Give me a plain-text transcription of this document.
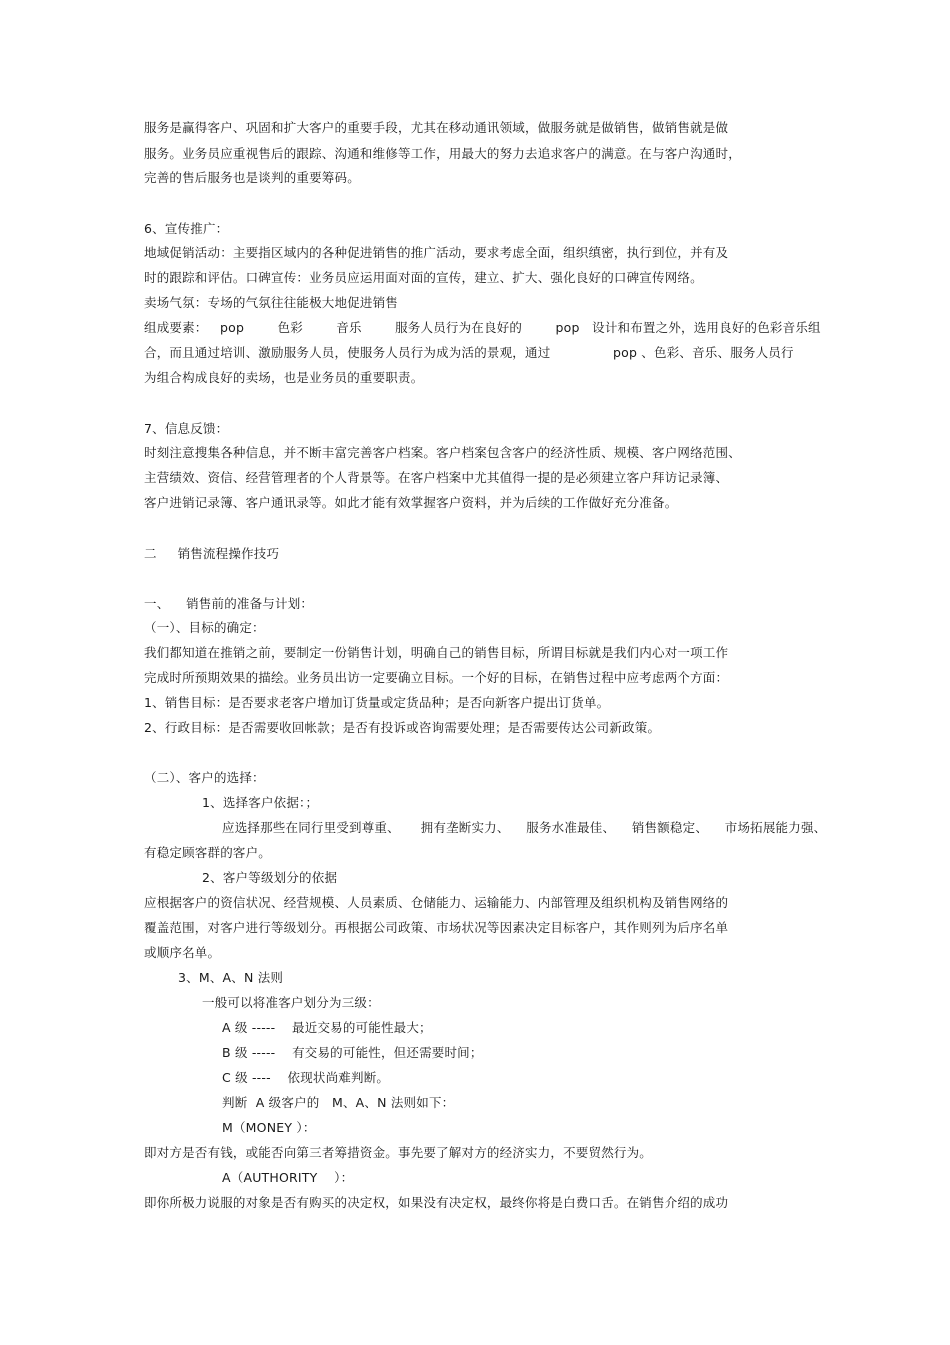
服务是赢得客户、巩固和扩大客户的重要手段，尤其在移动通讯领域，做服务就是做销售，做销售就是做
服务。业务员应重视售后的跟踪、沟通和维修等工作，用最大的努力去追求客户的满意。在与客户沟通时，
完善的售后服务也是谈判的重要筹码。
6、宣传推广：
地域促销活动：主要指区域内的各种促进销售的推广活动，要求考虑全面，组织缜密，执行到位，并有及
时的跟踪和评估。口碑宣传：业务员应运用面对面的宣传，建立、扩大、强化良好的口碑宣传网络。
卖场气氛：专场的气氛往往能极大地促进销售
组成要素：   pop        色彩        音乐        服务人员行为在良好的        pop   设计和布置之外，选用良好的色彩音乐组
合，而且通过培训、激励服务人员，使服务人员行为成为活的景观，通过               pop 、色彩、音乐、服务人员行
为组合构成良好的卖场，也是业务员的重要职责。
7、信息反馈：
时刻注意搜集各种信息，并不断丰富完善客户档案。客户档案包含客户的经济性质、规模、客户网络范围、
主营绩效、资信、经营管理者的个人背景等。在客户档案中尤其值得一提的是必须建立客户拜访记录簿、
客户进销记录簿、客户通讯录等。如此才能有效掌握客户资料，并为后续的工作做好充分准备。
二     销售流程操作技巧
一、    销售前的准备与计划：
（一）、目标的确定：
我们都知道在推销之前，要制定一份销售计划，明确自己的销售目标，所谓目标就是我们内心对一项工作
完成时所预期效果的描绘。业务员出访一定要确立目标。一个好的目标，在销售过程中应考虑两个方面：
1、销售目标：是否要求老客户增加订货量或定货品种；是否向新客户提出订货单。
2、行政目标：是否需要收回帐款；是否有投诉或咨询需要处理；是否需要传达公司新政策。
（二）、客户的选择：
1、选择客户依据：；
应选择那些在同行里受到尊重、     拥有垄断实力、    服务水准最佳、    销售额稳定、    市场拓展能力强、
有稳定顾客群的客户。
2、客户等级划分的依据
应根据客户的资信状况、经营规模、人员素质、仓储能力、运输能力、内部管理及组织机构及销售网络的
覆盖范围，对客户进行等级划分。再根据公司政策、市场状况等因素决定目标客户，其作则列为后序名单
或顺序名单。
3、M、A、N 法则
一般可以将准客户划分为三级：
A 级 -----    最近交易的可能性最大；
B 级 -----    有交易的可能性，但还需要时间；
C 级 ----    依现状尚难判断。
判断  A 级客户的   M、A、N 法则如下：
M（MONEY ）：
即对方是否有钱，或能否向第三者筹措资金。事先要了解对方的经济实力，不要贸然行为。
A（AUTHORITY    ）：
即你所极力说服的对象是否有购买的决定权，如果没有决定权，最终你将是白费口舌。在销售介绍的成功
